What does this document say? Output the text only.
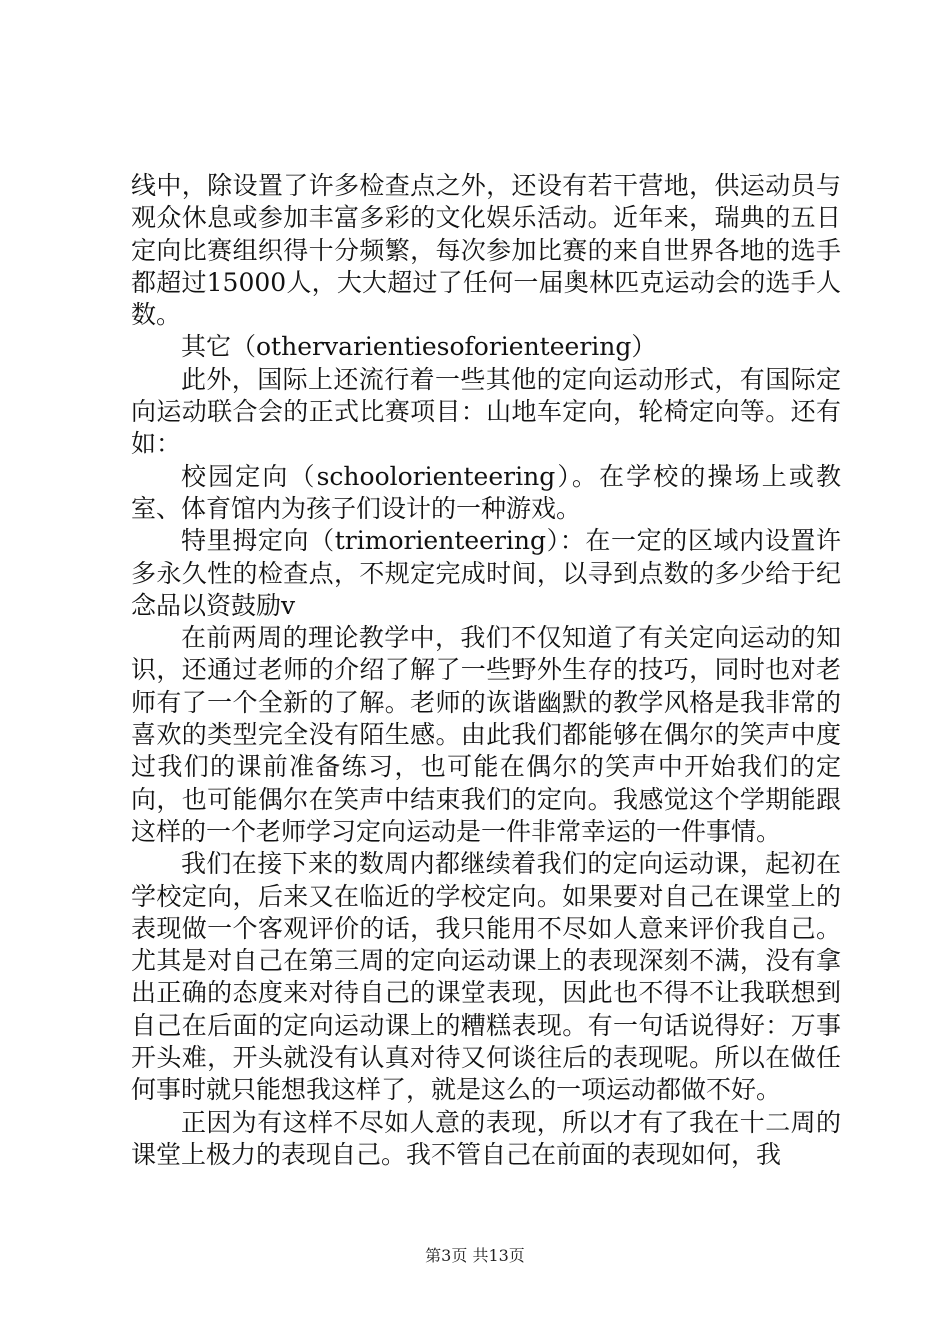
线中，除设置了许多检查点之外，还设有若干营地，供运动员与观众休息或参加丰富多彩的文化娱乐活动。近年来，瑞典的五日定向比赛组织得十分频繁，每次参加比赛的来自世界各地的选手都超过15000人，大大超过了任何一届奥林匹克运动会的选手人数。

其它（othervarientiesoforienteering）

此外，国际上还流行着一些其他的定向运动形式，有国际定向运动联合会的正式比赛项目：山地车定向，轮椅定向等。还有如：

校园定向（schoolorienteering）。在学校的操场上或教室、体育馆内为孩子们设计的一种游戏。

特里拇定向（trimorienteering）：在一定的区域内设置许多永久性的检查点，不规定完成时间，以寻到点数的多少给于纪念品以资鼓励v

在前两周的理论教学中，我们不仅知道了有关定向运动的知识，还通过老师的介绍了解了一些野外生存的技巧，同时也对老师有了一个全新的了解。老师的诙谐幽默的教学风格是我非常的喜欢的类型完全没有陌生感。由此我们都能够在偶尔的笑声中度过我们的课前准备练习，也可能在偶尔的笑声中开始我们的定向，也可能偶尔在笑声中结束我们的定向。我感觉这个学期能跟这样的一个老师学习定向运动是一件非常幸运的一件事情。

我们在接下来的数周内都继续着我们的定向运动课，起初在学校定向，后来又在临近的学校定向。如果要对自己在课堂上的表现做一个客观评价的话，我只能用不尽如人意来评价我自己。尤其是对自己在第三周的定向运动课上的表现深刻不满，没有拿出正确的态度来对待自己的课堂表现，因此也不得不让我联想到自己在后面的定向运动课上的糟糕表现。有一句话说得好：万事开头难，开头就没有认真对待又何谈往后的表现呢。所以在做任何事时就只能想我这样了，就是这么的一项运动都做不好。

正因为有这样不尽如人意的表现，所以才有了我在十二周的课堂上极力的表现自己。我不管自己在前面的表现如何，我

第3页 共13页
